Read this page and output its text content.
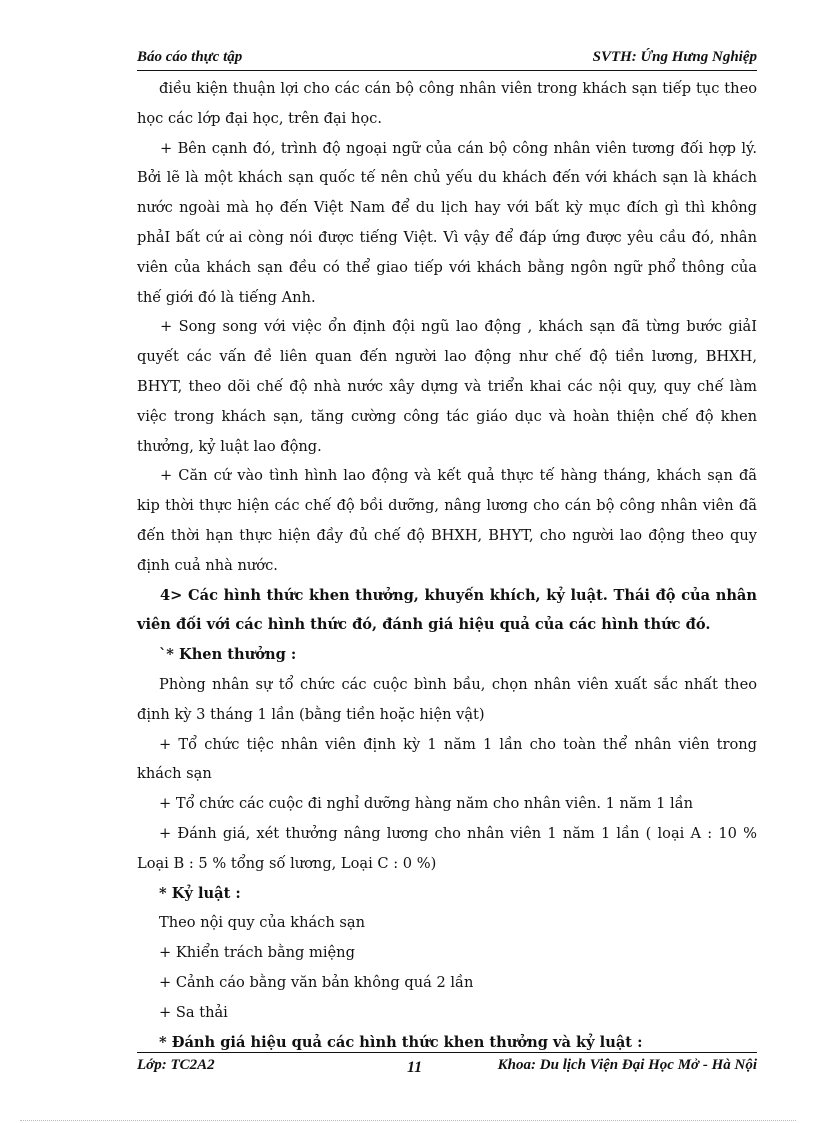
Báo cáo thực tập	SVTH: Ứng Hưng Nghiệp

điều kiện thuận lợi cho các cán bộ công nhân viên trong khách sạn tiếp tục theo học các lớp đại học, trên đại học.

+ Bên cạnh đó, trình độ ngoại ngữ của cán bộ công nhân viên tương đối hợp lý. Bởi lẽ là một khách sạn quốc tế nên chủ yếu du khách đến với khách sạn là khách nước ngoài mà họ đến Việt Nam để du lịch hay với bất kỳ mục đích gì thì không phảI bất cứ ai còng nói được tiếng Việt. Vì vậy để đáp ứng được yêu cầu đó, nhân viên của khách sạn đều có thể giao tiếp với khách bằng ngôn ngữ phổ thông của thế giới đó là tiếng Anh.

+ Song song với việc ổn định đội ngũ lao động , khách sạn đã từng bước giảI quyết các vấn đề liên quan đến người lao động như chế độ tiền lương, BHXH, BHYT, theo dõi chế độ nhà nước xây dựng và triển khai các nội quy, quy chế làm việc trong khách sạn, tăng cường công tác giáo dục và hoàn thiện chế độ khen thưởng, kỷ luật lao động.

+ Căn cứ vào tình hình lao động và kết quả thực tế hàng tháng, khách sạn đã kip thời thực hiện các chế độ bồi dưỡng, nâng lương cho cán bộ công nhân viên đã đến thời hạn thực hiện đầy đủ chế độ BHXH, BHYT, cho người lao động theo quy định cuả nhà nước.

4> Các hình thức khen thưởng, khuyến khích, kỷ luật. Thái độ của nhân viên đối với các hình thức đó, đánh giá hiệu quả của các hình thức đó.

`* Khen thưởng :

Phòng nhân sự tổ chức các cuộc bình bầu, chọn nhân viên xuất sắc nhất theo định kỳ 3 tháng 1 lần (bằng tiền hoặc hiện vật)

+ Tổ chức tiệc nhân viên định kỳ 1 năm 1 lần cho toàn thể nhân viên trong khách sạn

+ Tổ chức các cuộc đi nghỉ dưỡng hàng năm cho nhân viên. 1 năm 1 lần

+ Đánh giá, xét thưởng nâng lương cho nhân viên 1 năm 1 lần ( loại A : 10 % Loại B : 5 % tổng số lương, Loại C : 0 %)

* Kỷ luật :

Theo nội quy của khách sạn

+ Khiển trách bằng miệng

+ Cảnh cáo bằng văn bản không quá 2 lần

+ Sa thải

* Đánh giá hiệu quả các hình thức khen thưởng và kỷ luật :

Lớp: TC2A2	11	Khoa: Du lịch Viện Đại Học Mở - Hà Nội
